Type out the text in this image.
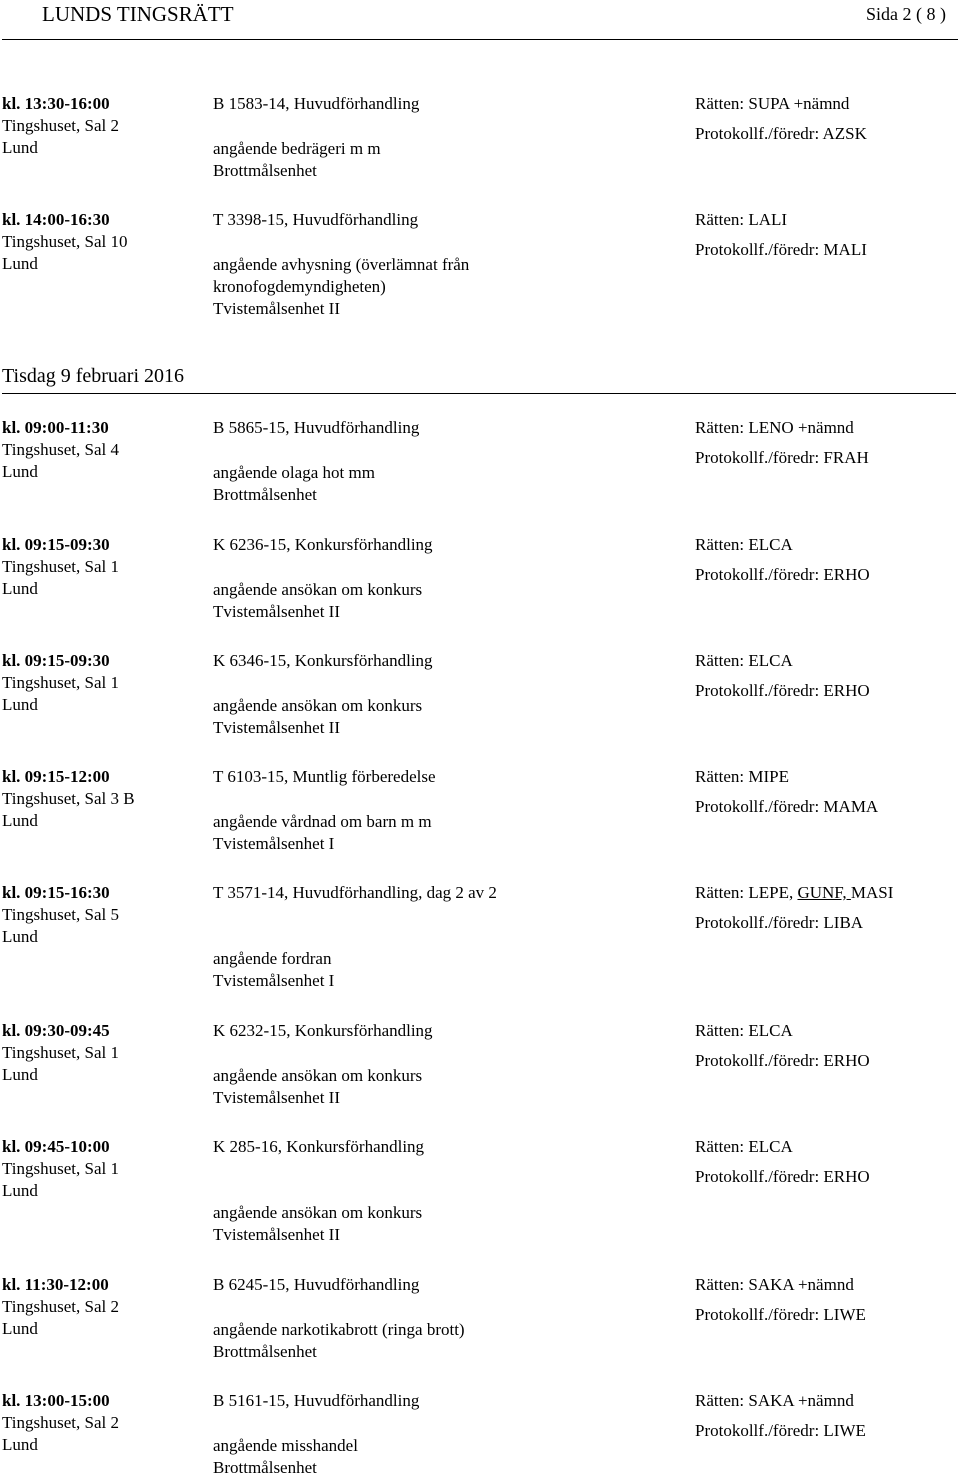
LUNDS TINGSRÄTT	Sida 2 ( 8 )
Tisdag 9 februari 2016
kl. 13:30-16:00
Tingshuset, Sal 2
Lund
B 1583-14, Huvudförhandling
angående bedrägeri m m
Brottmålsenhet
Rätten: SUPA +nämnd
Protokollf./föredr: AZSK
kl. 14:00-16:30
Tingshuset, Sal 10
Lund
T 3398-15, Huvudförhandling
angående avhysning (överlämnat från
kronofogdemyndigheten)
Tvistemålsenhet II
Rätten: LALI
Protokollf./föredr: MALI
kl. 09:00-11:30
Tingshuset, Sal 4
Lund
B 5865-15, Huvudförhandling
angående olaga hot mm
Brottmålsenhet
Rätten: LENO +nämnd
Protokollf./föredr: FRAH
kl. 09:15-09:30
Tingshuset, Sal 1
Lund
K 6236-15, Konkursförhandling
angående ansökan om konkurs
Tvistemålsenhet II
Rätten: ELCA
Protokollf./föredr: ERHO
kl. 09:15-09:30
Tingshuset, Sal 1
Lund
K 6346-15, Konkursförhandling
angående ansökan om konkurs
Tvistemålsenhet II
Rätten: ELCA
Protokollf./föredr: ERHO
kl. 09:15-12:00
Tingshuset, Sal 3 B
Lund
T 6103-15, Muntlig förberedelse
angående vårdnad om barn m m
Tvistemålsenhet I
Rätten: MIPE
Protokollf./föredr: MAMA
kl. 09:15-16:30
Tingshuset, Sal 5
Lund
T 3571-14, Huvudförhandling, dag 2 av 2
angående fordran
Tvistemålsenhet I
Rätten: LEPE, GUNF, MASI
Protokollf./föredr: LIBA
kl. 09:30-09:45
Tingshuset, Sal 1
Lund
K 6232-15, Konkursförhandling
angående ansökan om konkurs
Tvistemålsenhet II
Rätten: ELCA
Protokollf./föredr: ERHO
kl. 09:45-10:00
Tingshuset, Sal 1
Lund
K 285-16, Konkursförhandling
angående ansökan om konkurs
Tvistemålsenhet II
Rätten: ELCA
Protokollf./föredr: ERHO
kl. 11:30-12:00
Tingshuset, Sal 2
Lund
B 6245-15, Huvudförhandling
angående narkotikabrott (ringa brott)
Brottmålsenhet
Rätten: SAKA +nämnd
Protokollf./föredr: LIWE
kl. 13:00-15:00
Tingshuset, Sal 2
Lund
B 5161-15, Huvudförhandling
angående misshandel
Brottmålsenhet
Rätten: SAKA +nämnd
Protokollf./föredr: LIWE
